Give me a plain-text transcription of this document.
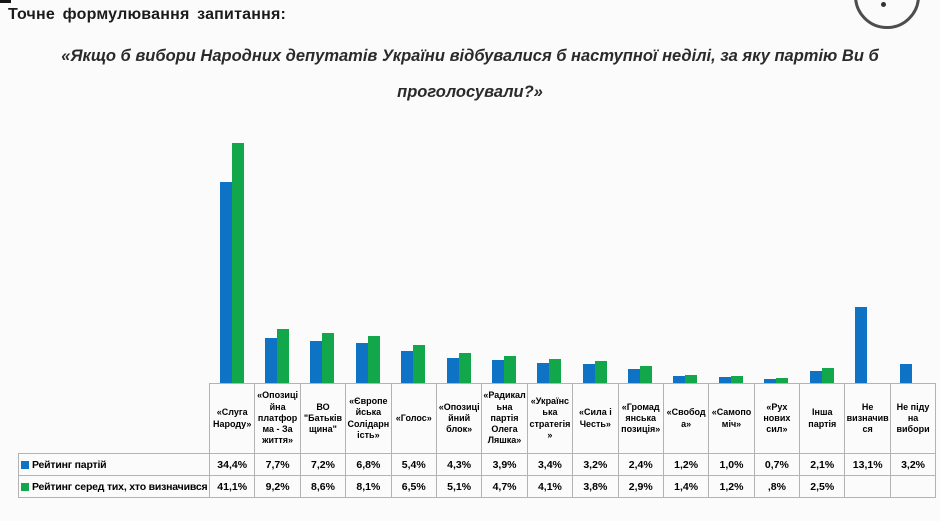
Точне формулювання запитання:
«Якщо б вибори Народних депутатів України відбувалися б наступної неділі, за яку партію Ви б проголосували?»
	«Слуга Народу»	«Опозиційна платформа - За життя»	ВО "Батьківщина"	«Європейська Солідарність»	«Голос»	«Опозиційний блок»	«Радикальна партія Олега Ляшка»	«Українська стратегія»	«Сила і Честь»	«Громадянська позиція»	«Свобода»	«Самопоміч»	«Рух нових сил»	Інша партія	Не визначився	Не піду на вибори
Рейтинг партій	34,4%	7,7%	7,2%	6,8%	5,4%	4,3%	3,9%	3,4%	3,2%	2,4%	1,2%	1,0%	0,7%	2,1%	13,1%	3,2%
Рейтинг серед тих, хто визначився	41,1%	9,2%	8,6%	8,1%	6,5%	5,1%	4,7%	4,1%	3,8%	2,9%	1,4%	1,2%	,8%	2,5%		
